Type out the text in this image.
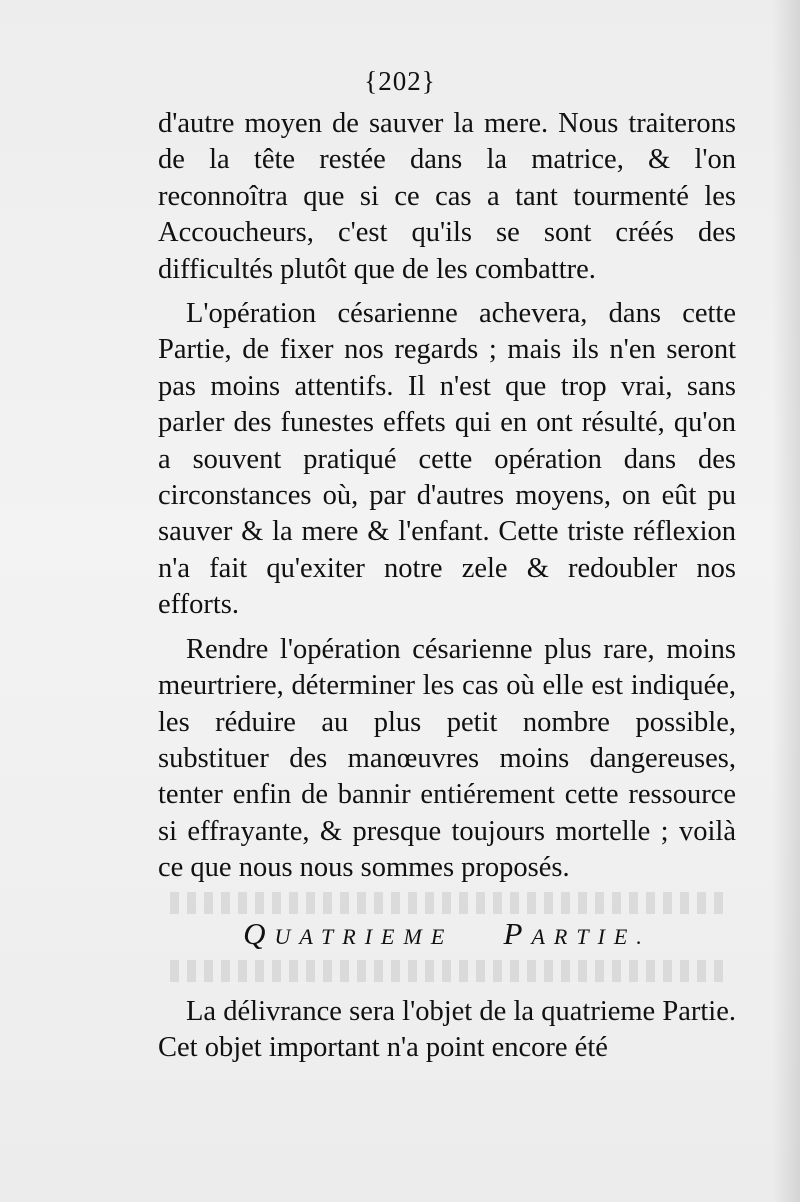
{202}

d'autre moyen de sauver la mere. Nous traiterons de la tête restée dans la matrice, & l'on reconnoîtra que si ce cas a tant tourmenté les Accoucheurs, c'est qu'ils se sont créés des difficultés plutôt que de les combattre.

L'opération césarienne achevera, dans cette Partie, de fixer nos regards ; mais ils n'en seront pas moins attentifs. Il n'est que trop vrai, sans parler des funestes effets qui en ont résulté, qu'on a souvent pratiqué cette opération dans des circonstances où, par d'autres moyens, on eût pu sauver & la mere & l'enfant. Cette triste réflexion n'a fait qu'exiter notre zele & redoubler nos efforts.

Rendre l'opération césarienne plus rare, moins meurtriere, déterminer les cas où elle est indiquée, les réduire au plus petit nombre possible, substituer des manœuvres moins dangereuses, tenter enfin de bannir entiérement cette ressource si effrayante, & presque toujours mortelle ; voilà ce que nous nous sommes proposés.

QUATRIEME PARTIE.

La délivrance sera l'objet de la quatrieme Partie. Cet objet important n'a point encore été
